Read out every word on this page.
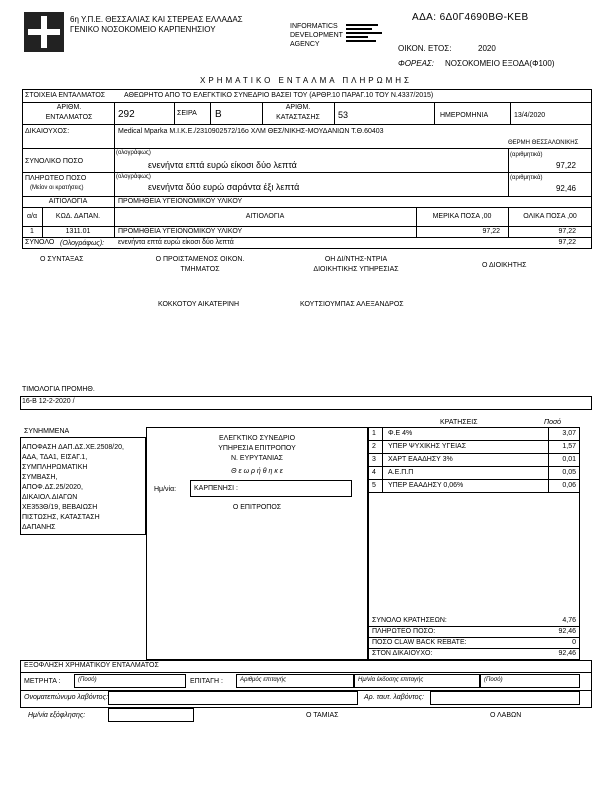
6η Υ.Π.Ε. ΘΕΣΣΑΛΙΑΣ ΚΑΙ ΣΤΕΡΕΑΣ ΕΛΛΑΔΑΣ
ΓΕΝΙΚΟ ΝΟΣΟΚΟΜΕΙΟ ΚΑΡΠΕΝΗΣΙΟΥ	INFORMATICS DEVELOPMENT AGENCY
ΑΔΑ: 6Δ0Γ4690ΒΘ-ΚΕΒ
ΟΙΚΟΝ. ΕΤΟΣ:	2020
ΦΟΡΕΑΣ: ΝΟΣΟΚΟΜΕΙΟ ΕΞΟΔΑ(Φ100)
ΧΡΗΜΑΤΙΚΟ ΕΝΤΑΛΜΑ ΠΛΗΡΩΜΗΣ
ΣΤΟΙΧΕΙΑ ΕΝΤΑΛΜΑΤΟΣ	ΑΘΕΩΡΗΤΟ ΑΠΟ ΤΟ ΕΛΕΓΚΤΙΚΟ ΣΥΝΕΔΡΙΟ ΒΑΣΕΙ ΤΟΥ (ΑΡΘΡ.10 ΠΑΡΑΓ.10 ΤΟΥ Ν.4337/2015)
ΑΡΙΘΜ.
ΕΝΤΑΛΜΑΤΟΣ	292	ΣΕΙΡΑ Β
ΑΡΙΘΜ.
ΚΑΤΑΣΤΑΣΗΣ	53	ΗΜΕΡΟΜΗΝΙΑ	13/4/2020
ΔΙΚΑΙΟΥΧΟΣ:	Medical Mparka Μ.Ι.Κ.Ε./231090257​2/16ο ΧΛΜ ΘΕΣ/ΝΙΚΗΣ-ΜΟΥΔΑΝΙΩΝ Τ.Θ.60403
ΘΕΡΜΗ ΘΕΣΣΑΛΟΝΙΚΗΣ
ΣΥΝΟΛΙΚΟ ΠΟΣΟ
(ολογράφως)
ενενήντα επτά ευρώ είκοσι δύο λεπτά
(αριθμητικά)
97,22
ΠΛΗΡΩΤΕΟ ΠΟΣΟ
(Μείον οι κρατήσεις)
(ολογράφως)
ενενήντα δύο ευρώ σαράντα έξι λεπτά
(αριθμητικά)
92,46
ΑΙΤΙΟΛΟΓΙΑ	ΠΡΟΜΗΘΕΙΑ ΥΓΕΙΟΝΟΜΙΚΟΥ ΥΛΙΚΟΥ
α/α	ΚΩΔ. ΔΑΠΑΝ.	ΑΙΤΙΟΛΟΓΙΑ	ΜΕΡΙΚΑ ΠΟΣΑ ,00	ΟΛΙΚΑ ΠΟΣΑ ,00
1	1311.01	ΠΡΟΜΗΘΕΙΑ ΥΓΕΙΟΝΟΜΙΚΟΥ ΥΛΙΚΟΥ	97,22	97,22
ΣΥΝΟΛΟ (Ολογράφως): ενενήντα επτά ευρώ είκοσι δύο λεπτά	97,22
Ο ΣΥΝΤΑΞΑΣ	Ο ΠΡΟΙΣΤΑΜΕΝΟΣ ΟΙΚΟΝ.
ΤΜΗΜΑΤΟΣ
ΟΗ ΔΙ/ΝΤΗΣ-ΝΤΡΙΑ
ΔΙΟΙΚΗΤΙΚΗΣ ΥΠΗΡΕΣΙΑΣ
Ο ΔΙΟΙΚΗΤΗΣ
ΚΟΚΚΟΤΟΥ ΑΙΚΑΤΕΡΙΝΗ	ΚΟΥΤΣΙΟΥΜΠΑΣ ΑΛΕΞΑΝΔΡΟΣ
ΤΙΜΟΛΟΓΙΑ ΠΡΟΜΗΘ.
16-Β 12-2-2020 /
ΣΥΝΗΜΜΕΝΑ
ΑΠΟΦΑΣΗ ΔΑΠ.ΔΣ.ΧΕ.2508/20,
ΑΔΑ, ΤΔΑ1, ΕΙΣΑΓ.1,
ΣΥΜΠΛΗΡΩΜΑΤΙΚΗ
ΣΥΜΒΑΣΗ,
ΑΠΟΦ.ΔΣ.25/2020,
ΔΙΚΑΙΟΛ.ΔΙΑΓΩΝ
ΧΕ353Θ/19, ΒΕΒΑΙΩΣΗ
ΠΙΣΤΩΣΗΣ, ΚΑΤΑΣΤΑΣΗ
ΔΑΠΑΝΗΣ
ΕΛΕΓΚΤΙΚΟ ΣΥΝΕΔΡΙΟ
ΥΠΗΡΕΣΙΑ ΕΠΙΤΡΟΠΟΥ
Ν. ΕΥΡΥΤΑΝΙΑΣ
Θ ε ω ρ ή θ η κ ε
Ημ/νία:	ΚΑΡΠΕΝΗΣΙ :
Ο ΕΠΙΤΡΟΠΟΣ
ΚΡΑΤΗΣΕΙΣ	Ποσό
1 Φ.Ε 4%	3,07
2 ΥΠΕΡ ΨΥΧΙΚΗΣ ΥΓΕΙΑΣ	1,57
3 ΧΑΡΤ ΕΑΑΔΗΣΥ 3%	0,01
4 Α.Ε.Π.Π	0,05
5 ΥΠΕΡ ΕΑΑΔΗΣΥ 0,06%	0,06
ΣΥΝΟΛΟ ΚΡΑΤΗΣΕΩΝ:	4,76
ΠΛΗΡΩΤΕΟ ΠΟΣΟ:	92,46
ΠΟΣΟ CLAW BACK REBATE:	0
ΣΤΟΝ ΔΙΚΑΙΟΥΧΟ:	92,46
ΕΞΟΦΛΗΣΗ ΧΡΗΜΑΤΙΚΟΥ ΕΝΤΑΛΜΑΤΟΣ
ΜΕΤΡΗΤΑ :	(Ποσό)	ΕΠΙΤΑΓΗ :	Αριθμός επιταγής	Ημ/νία έκδοσης επιταγής	(Ποσό)
Ονοματεπώνυμο λαβόντος:	Αρ. ταυτ. λαβόντος:
Ημ/νία εξόφλησης:	Ο ΤΑΜΙΑΣ	Ο ΛΑΒΩΝ
